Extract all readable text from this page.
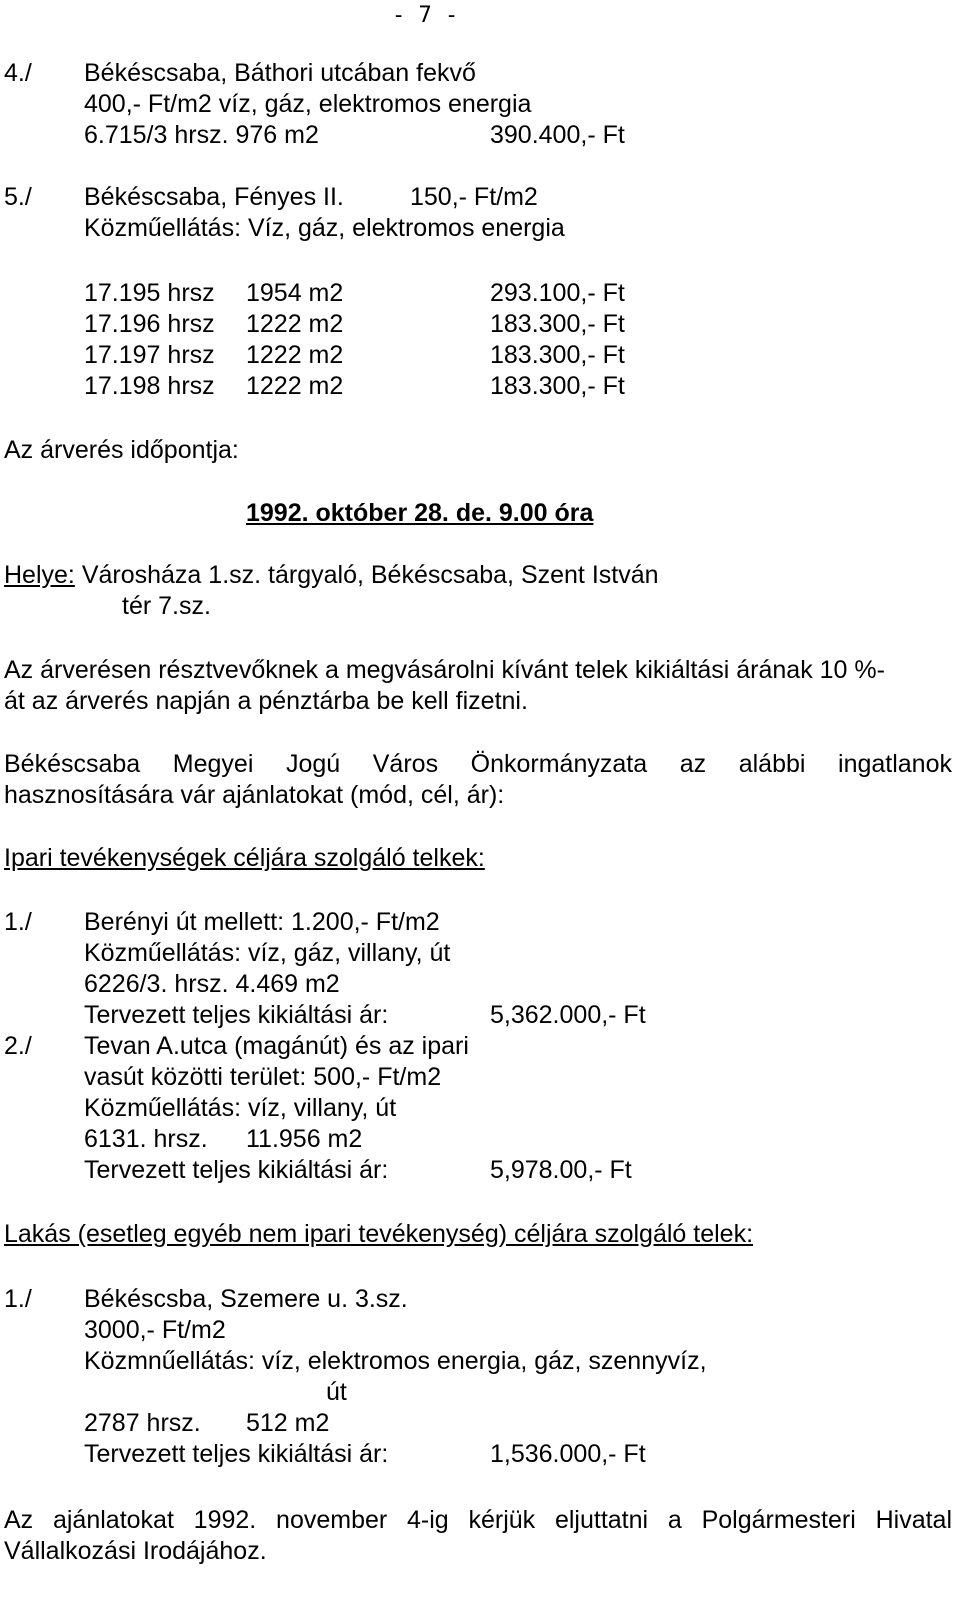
- 7 -
4./ Békéscsaba, Báthori utcában fekvő
400,- Ft/m2 víz, gáz, elektromos energia
6.715/3 hrsz. 976 m2	390.400,- Ft
5./ Békéscsaba, Fényes II.	150,- Ft/m2
Közműellátás: Víz, gáz, elektromos energia
17.195 hrsz 1954 m2	293.100,- Ft
17.196 hrsz 1222 m2	183.300,- Ft
17.197 hrsz 1222 m2	183.300,- Ft
17.198 hrsz 1222 m2	183.300,- Ft
Az árverés időpontja:
1992. október 28. de. 9.00 óra
Helye: Városháza 1.sz. tárgyaló, Békéscsaba, Szent István
tér 7.sz.
Az árverésen résztvevőknek a megvásárolni kívánt telek kikiáltási árának 10 %-
át az árverés napján a pénztárba be kell fizetni.
Békéscsaba Megyei Jogú Város Önkormányzata az alábbi ingatlanok
hasznosítására vár ajánlatokat (mód, cél, ár):
Ipari tevékenységek céljára szolgáló telkek:
1./ Berényi út mellett: 1.200,- Ft/m2
Közműellátás: víz, gáz, villany, út
6226/3. hrsz. 4.469 m2
Tervezett teljes kikiáltási ár:	5,362.000,- Ft
2./ Tevan A.utca (magánút) és az ipari
vasút közötti terület: 500,- Ft/m2
Közműellátás: víz, villany, út
6131. hrsz. 11.956 m2
Tervezett teljes kikiáltási ár:	5,978.00,- Ft
Lakás (esetleg egyéb nem ipari tevékenység) céljára szolgáló telek:
1./ Békéscsba, Szemere u. 3.sz.
3000,- Ft/m2
Közmnűellátás: víz, elektromos energia, gáz, szennyvíz,
út
2787 hrsz. 512 m2
Tervezett teljes kikiáltási ár:	1,536.000,- Ft
Az ajánlatokat 1992. november 4-ig kérjük eljuttatni a Polgármesteri Hivatal
Vállalkozási Irodájához.
